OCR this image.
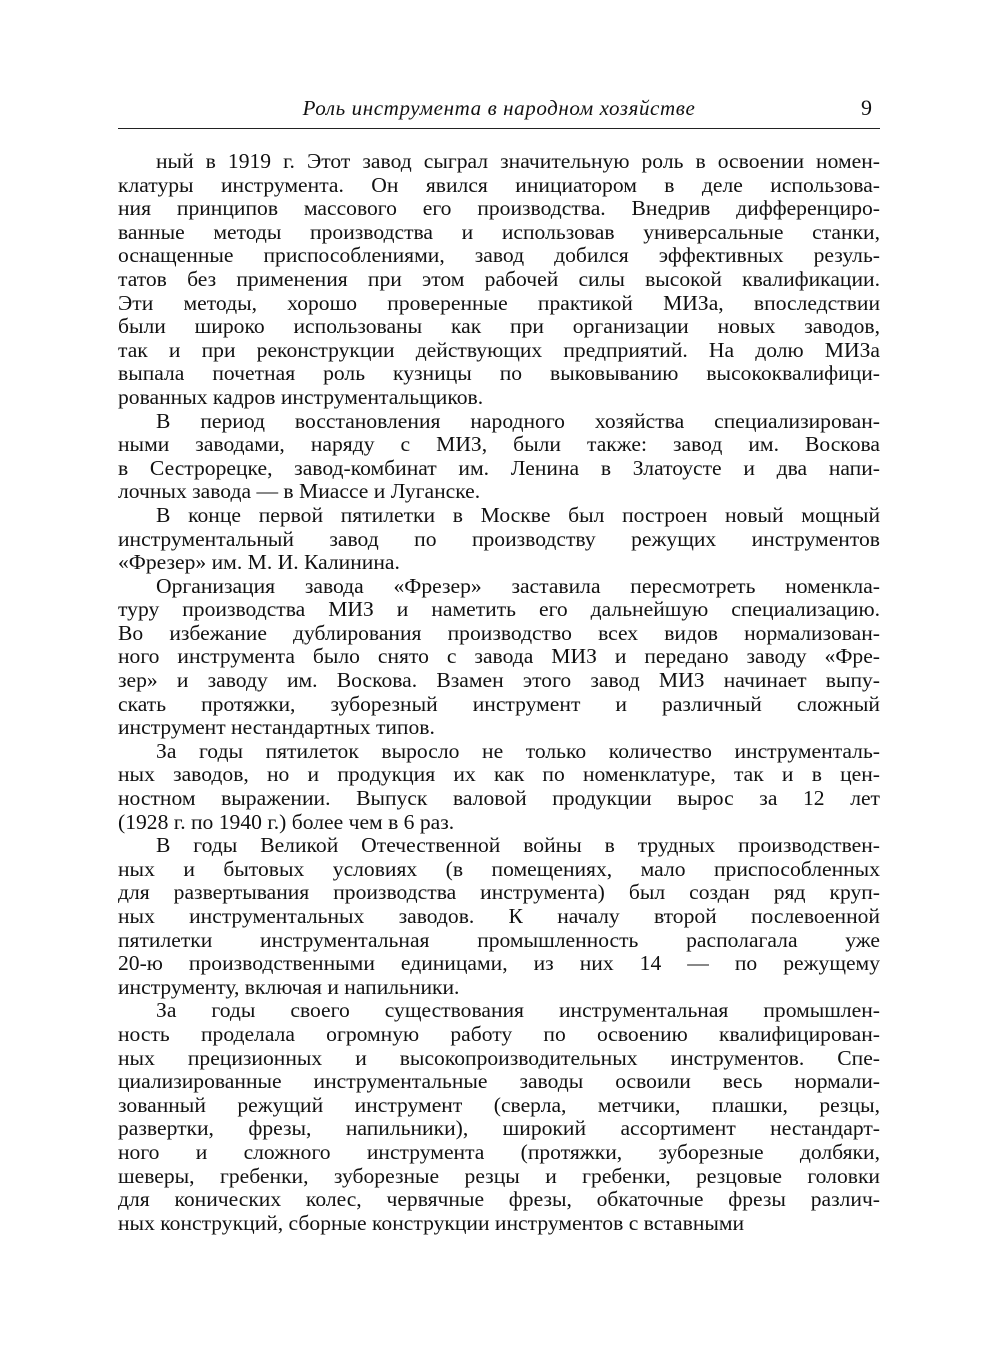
Роль инструмента в народном хозяйстве	9
ный в 1919 г. Этот завод сыграл значительную роль в освоении номен-
клатуры инструмента. Он явился инициатором в деле использова-
ния принципов массового его производства. Внедрив дифференциро-
ванные методы производства и использовав универсальные станки,
оснащенные приспособлениями, завод добился эффективных резуль-
татов без применения при этом рабочей силы высокой квалификации.
Эти методы, хорошо проверенные практикой МИЗа, впоследствии
были широко использованы как при организации новых заводов,
так и при реконструкции действующих предприятий. На долю МИЗа
выпала почетная роль кузницы по выковыванию высококвалифици-
рованных кадров инструментальщиков.
В период восстановления народного хозяйства специализирован-
ными заводами, наряду с МИЗ, были также: завод им. Воскова
в Сестрорецке, завод-комбинат им. Ленина в Златоусте и два напи-
лочных завода — в Миассе и Луганске.
В конце первой пятилетки в Москве был построен новый мощный
инструментальный завод по производству режущих инструментов
«Фрезер» им. М. И. Калинина.
Организация завода «Фрезер» заставила пересмотреть номенкла-
туру производства МИЗ и наметить его дальнейшую специализацию.
Во избежание дублирования производство всех видов нормализован-
ного инструмента было снято с завода МИЗ и передано заводу «Фре-
зер» и заводу им. Воскова. Взамен этого завод МИЗ начинает выпу-
скать протяжки, зуборезный инструмент и различный сложный
инструмент нестандартных типов.
За годы пятилеток выросло не только количество инструменталь-
ных заводов, но и продукция их как по номенклатуре, так и в цен-
ностном выражении. Выпуск валовой продукции вырос за 12 лет
(1928 г. по 1940 г.) более чем в 6 раз.
В годы Великой Отечественной войны в трудных производствен-
ных и бытовых условиях (в помещениях, мало приспособленных
для развертывания производства инструмента) был создан ряд круп-
ных инструментальных заводов. К началу второй послевоенной
пятилетки инструментальная промышленность располагала уже
20-ю производственными единицами, из них 14 — по режущему
инструменту, включая и напильники.
За годы своего существования инструментальная промышлен-
ность проделала огромную работу по освоению квалифицирован-
ных прецизионных и высокопроизводительных инструментов. Спе-
циализированные инструментальные заводы освоили весь нормали-
зованный режущий инструмент (сверла, метчики, плашки, резцы,
развертки, фрезы, напильники), широкий ассортимент нестандарт-
ного и сложного инструмента (протяжки, зуборезные долбяки,
шеверы, гребенки, зуборезные резцы и гребенки, резцовые головки
для конических колес, червячные фрезы, обкаточные фрезы различ-
ных конструкций, сборные конструкции инструментов с вставными
